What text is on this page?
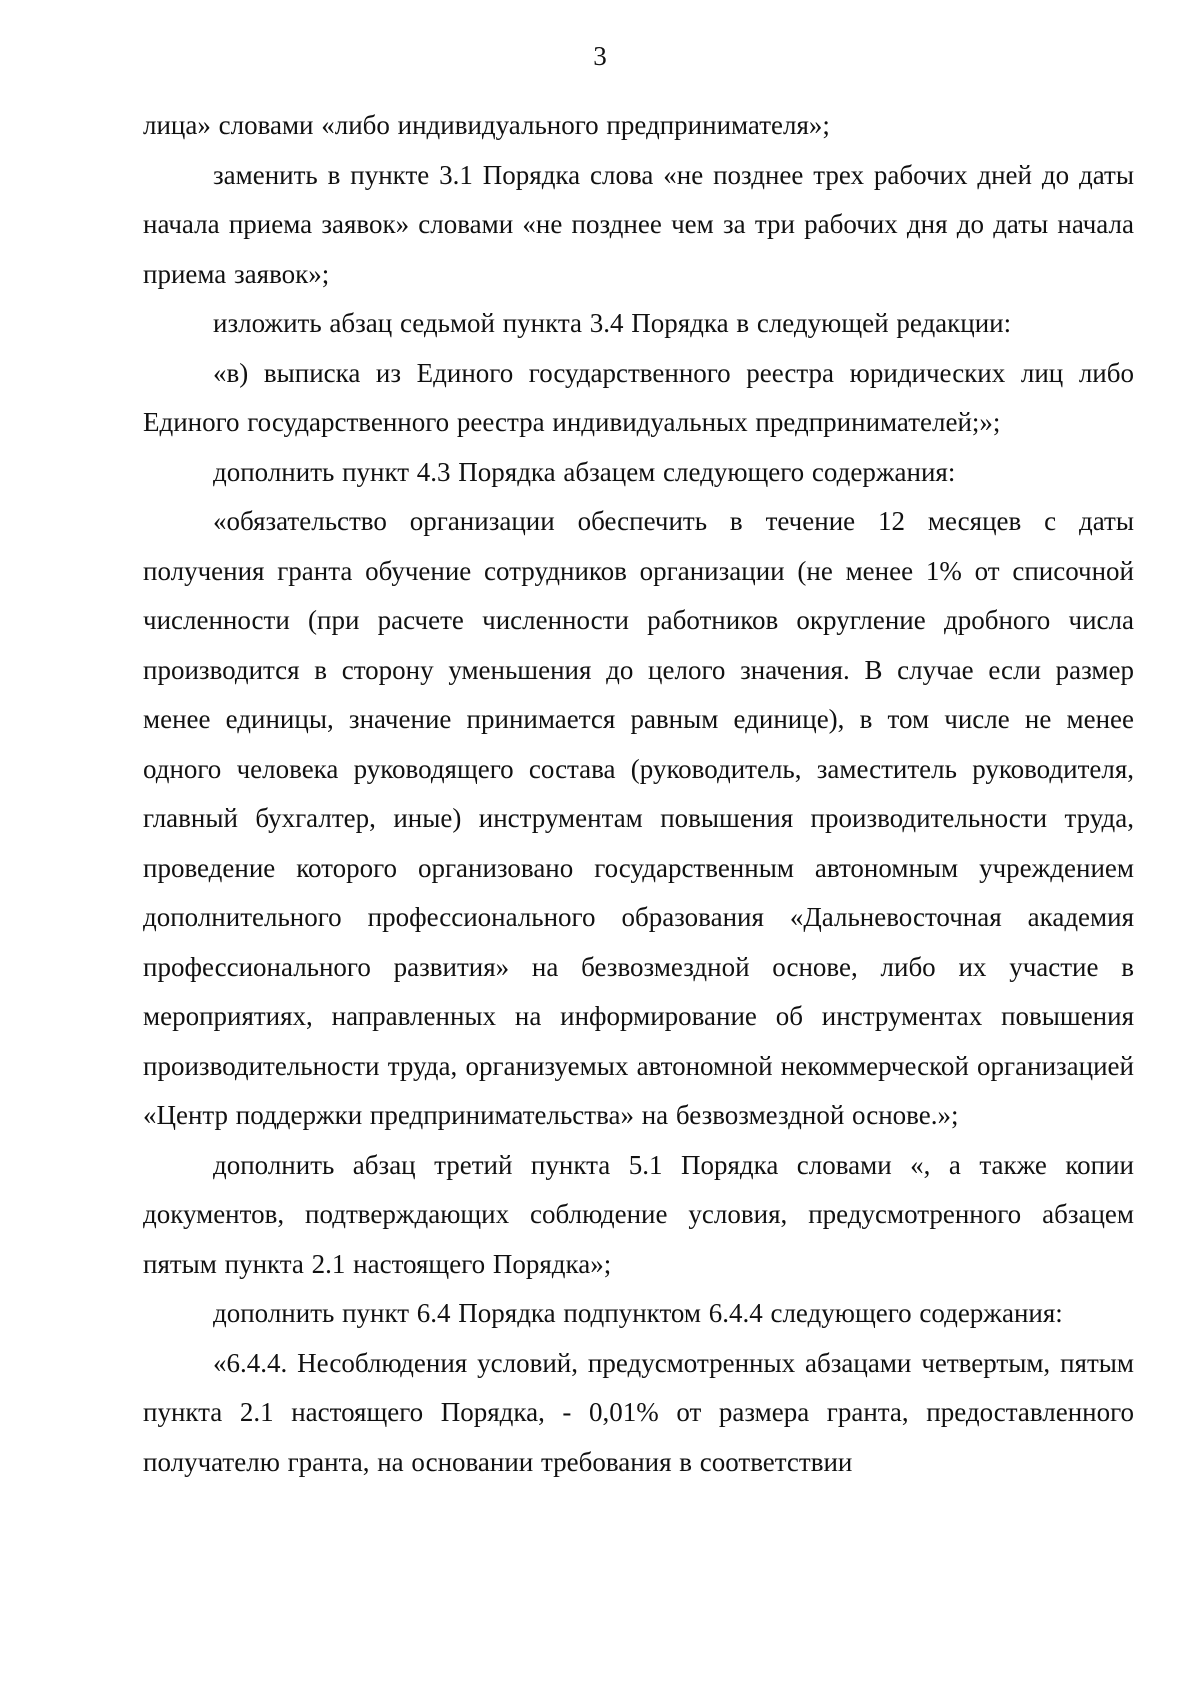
3

лица» словами «либо индивидуального предпринимателя»;

заменить в пункте 3.1 Порядка слова «не позднее трех рабочих дней до даты начала приема заявок» словами «не позднее чем за три рабочих дня до даты начала приема заявок»;

изложить абзац седьмой пункта 3.4 Порядка в следующей редакции:

«в) выписка из Единого государственного реестра юридических лиц либо Единого государственного реестра индивидуальных предпринимателей;»;

дополнить пункт 4.3 Порядка абзацем следующего содержания:

«обязательство организации обеспечить в течение 12 месяцев с даты получения гранта обучение сотрудников организации (не менее 1% от списочной численности (при расчете численности работников округление дробного числа производится в сторону уменьшения до целого значения. В случае если размер менее единицы, значение принимается равным единице), в том числе не менее одного человека руководящего состава (руководитель, заместитель руководителя, главный бухгалтер, иные) инструментам повышения производительности труда, проведение которого организовано государственным автономным учреждением дополнительного профессионального образования «Дальневосточная академия профессионального развития» на безвозмездной основе, либо их участие в мероприятиях, направленных на информирование об инструментах повышения производительности труда, организуемых автономной некоммерческой организацией «Центр поддержки предпринимательства» на безвозмездной основе.»;

дополнить абзац третий пункта 5.1 Порядка словами «, а также копии документов, подтверждающих соблюдение условия, предусмотренного абзацем пятым пункта 2.1 настоящего Порядка»;

дополнить пункт 6.4 Порядка подпунктом 6.4.4 следующего содержания:

«6.4.4. Несоблюдения условий, предусмотренных абзацами четвертым, пятым пункта 2.1 настоящего Порядка, - 0,01% от размера гранта, предоставленного получателю гранта, на основании требования в соответствии
